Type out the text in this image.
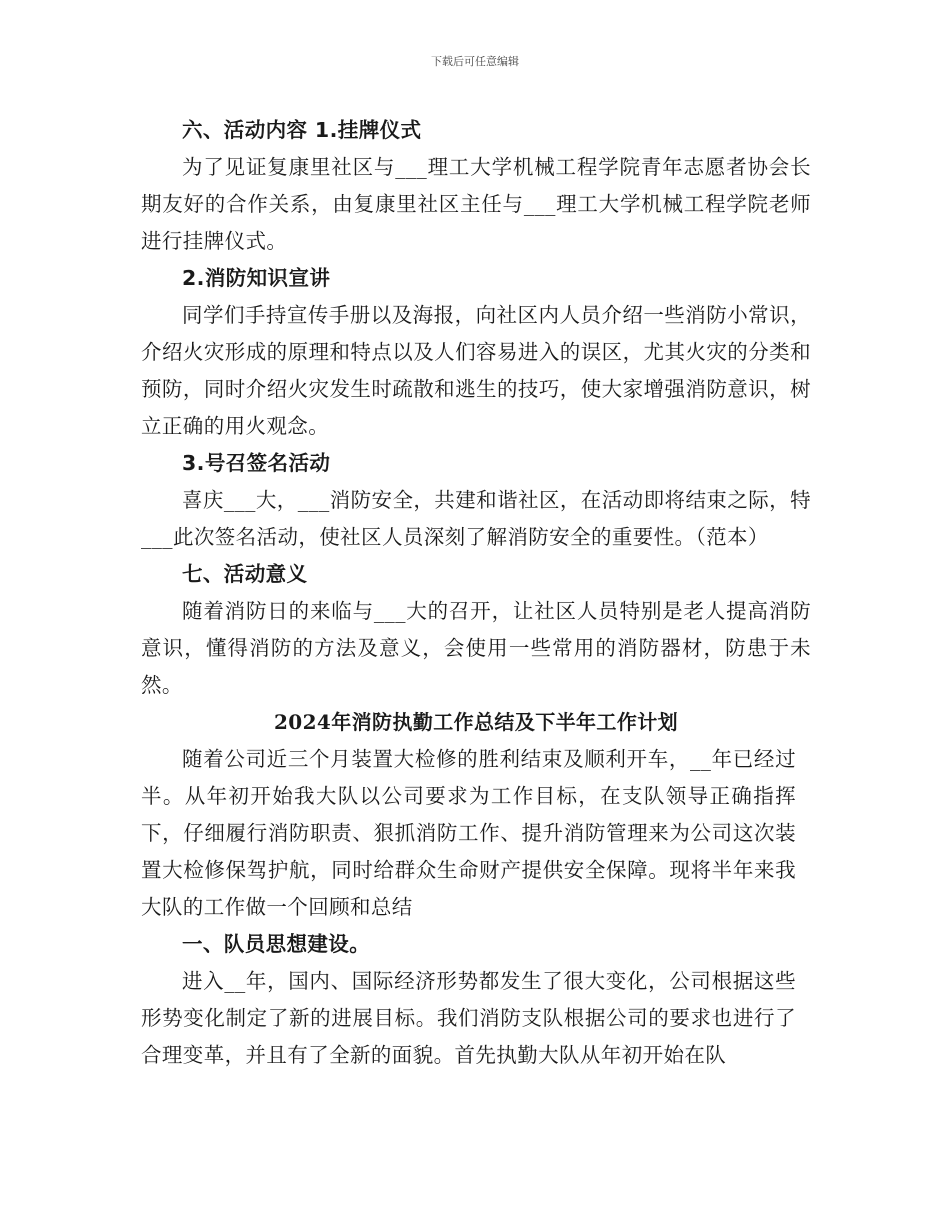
下载后可任意编辑

六、活动内容 1.挂牌仪式

为了见证复康里社区与___理工大学机械工程学院青年志愿者协会长期友好的合作关系，由复康里社区主任与___理工大学机械工程学院老师进行挂牌仪式。

2.消防知识宣讲

同学们手持宣传手册以及海报，向社区内人员介绍一些消防小常识，介绍火灾形成的原理和特点以及人们容易进入的误区，尤其火灾的分类和预防，同时介绍火灾发生时疏散和逃生的技巧，使大家增强消防意识，树立正确的用火观念。

3.号召签名活动

喜庆___大，___消防安全，共建和谐社区，在活动即将结束之际，特___此次签名活动，使社区人员深刻了解消防安全的重要性。（范本）

七、活动意义

随着消防日的来临与___大的召开，让社区人员特别是老人提高消防意识，懂得消防的方法及意义，会使用一些常用的消防器材，防患于未然。

2024年消防执勤工作总结及下半年工作计划

随着公司近三个月装置大检修的胜利结束及顺利开车，__年已经过半。从年初开始我大队以公司要求为工作目标，在支队领导正确指挥下，仔细履行消防职责、狠抓消防工作、提升消防管理来为公司这次装置大检修保驾护航，同时给群众生命财产提供安全保障。现将半年来我大队的工作做一个回顾和总结

一、队员思想建设。

进入__年，国内、国际经济形势都发生了很大变化，公司根据这些形势变化制定了新的进展目标。我们消防支队根据公司的要求也进行了合理变革，并且有了全新的面貌。首先执勤大队从年初开始在队
